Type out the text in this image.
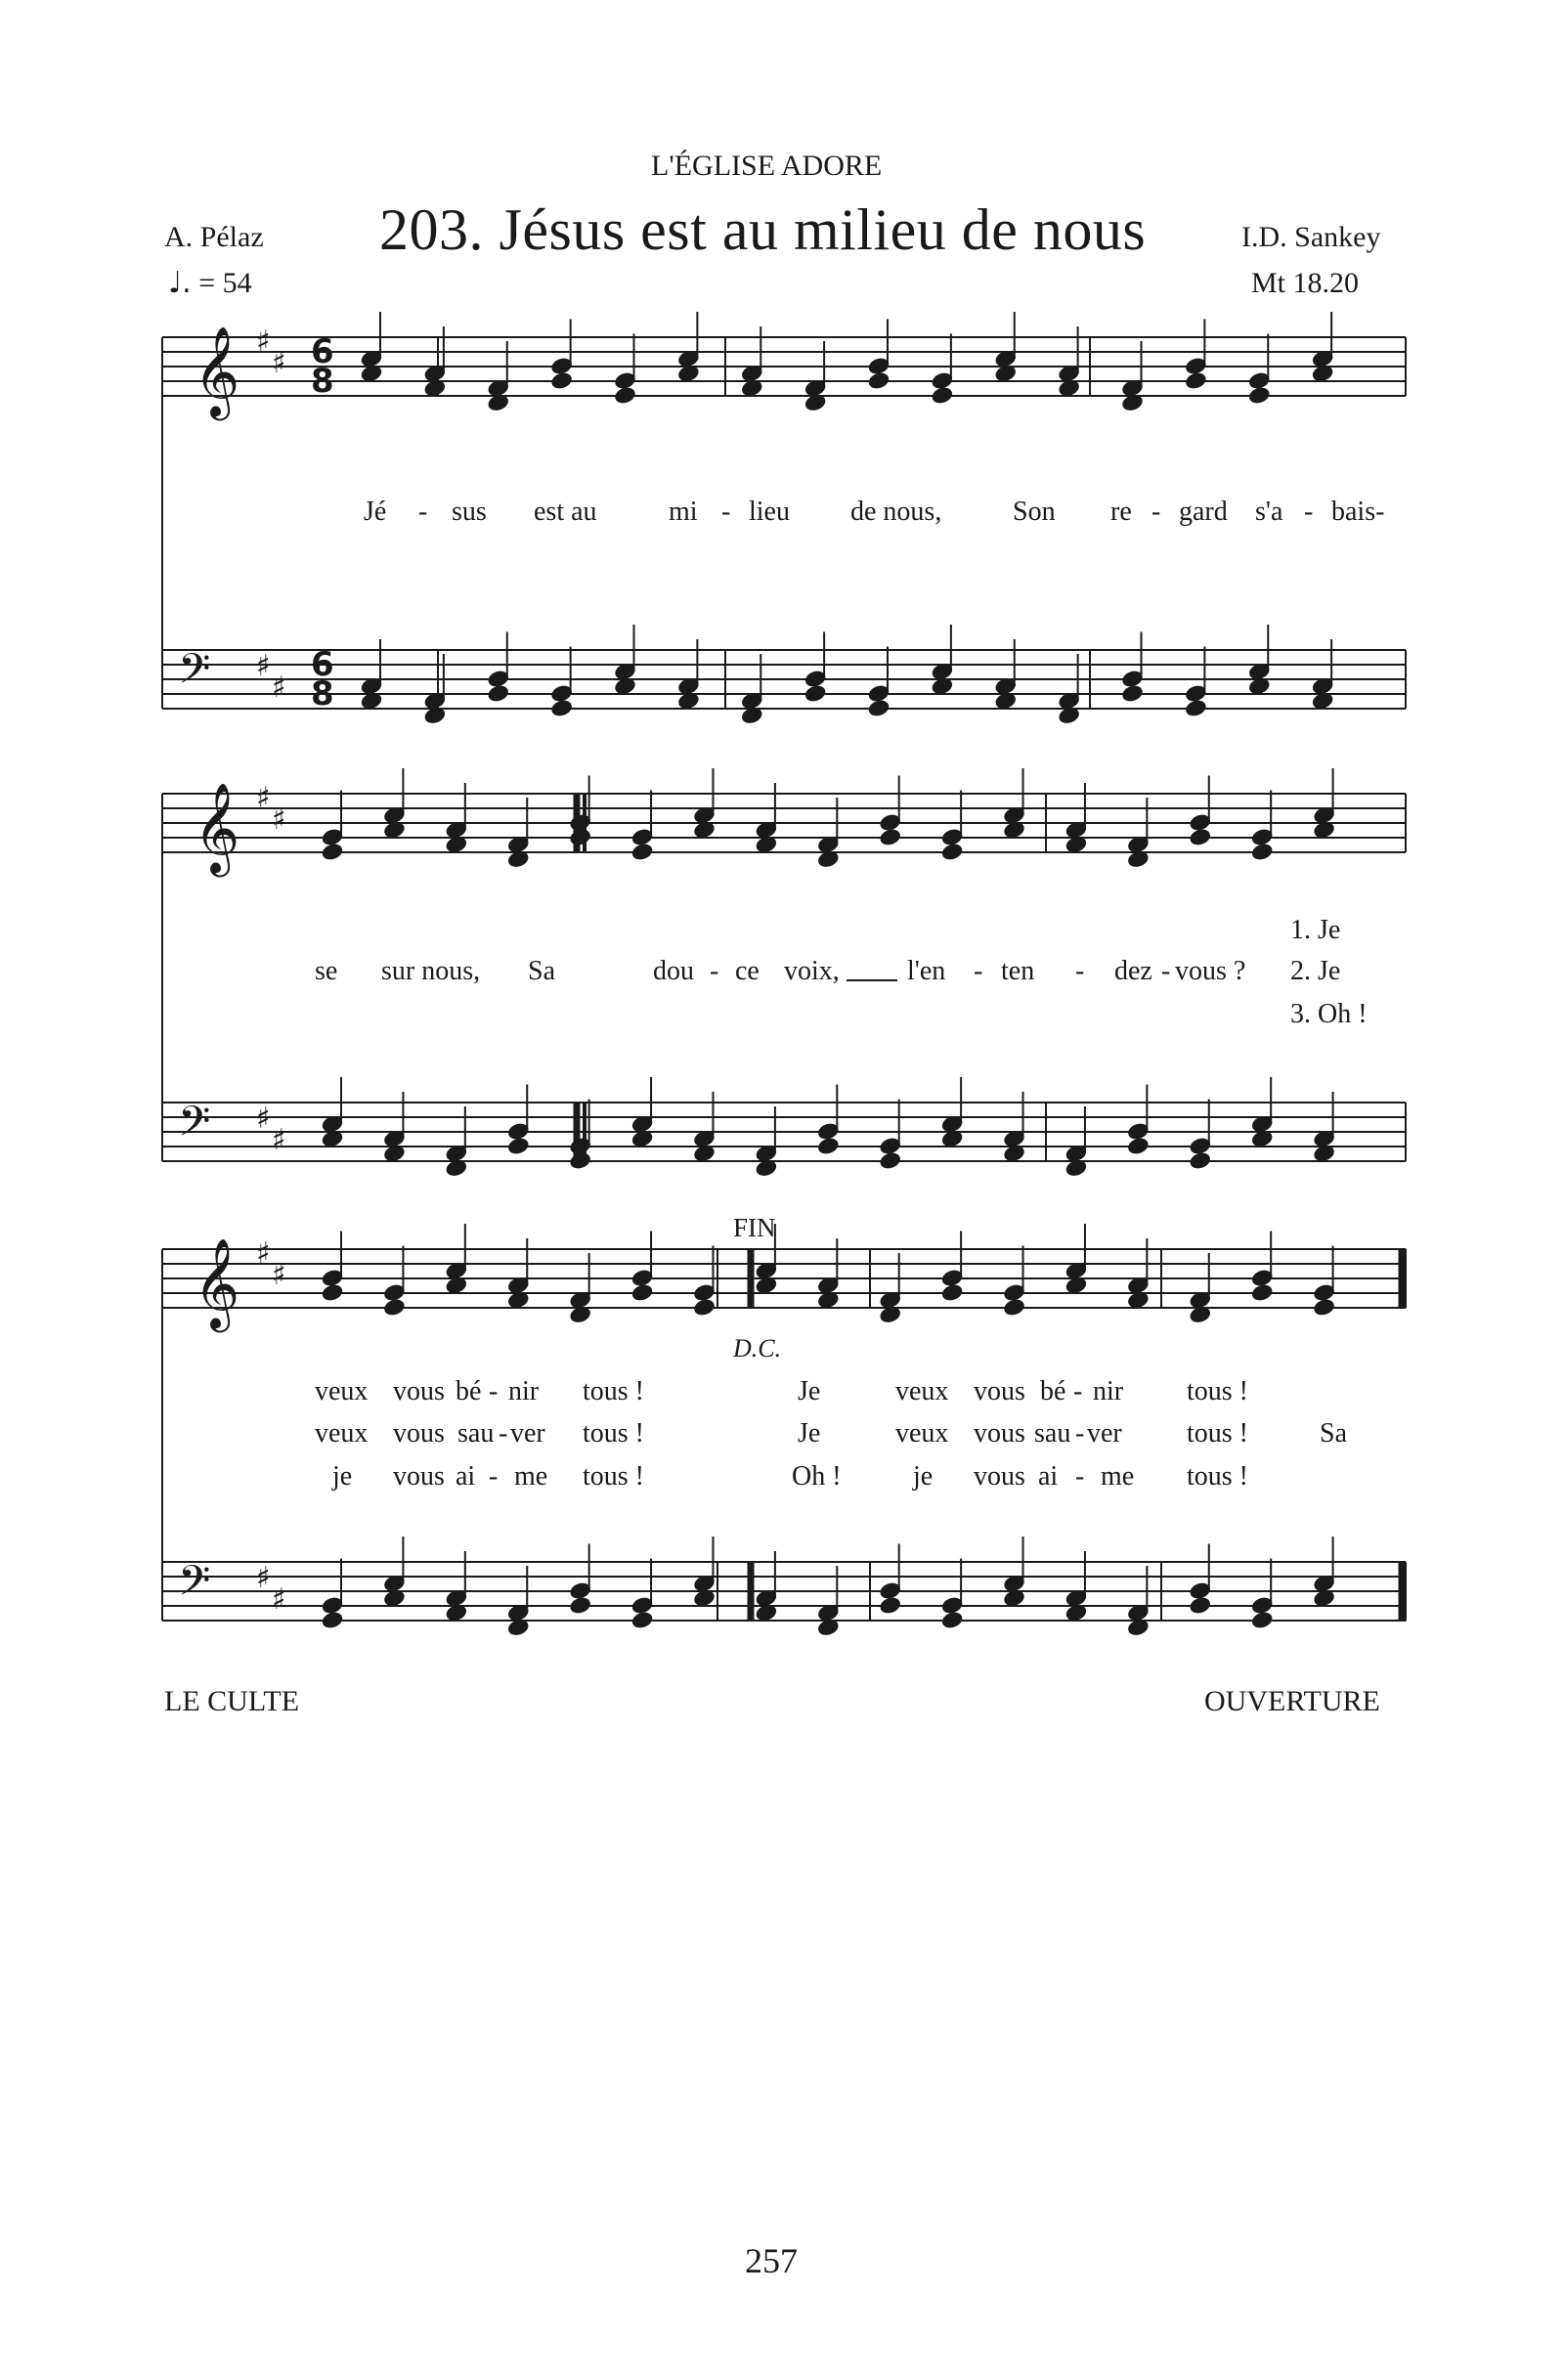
L'ÉGLISE ADORE
A. Pélaz 203. Jésus est au milieu de nous	I.D. Sankey
Mt 18.20
♩. = 54
Jé - sus est au	mi - lieu de nous,	Son re - gard s'a - bais-
se sur nous, Sa	dou - ce voix, l'en - ten - dez - vous ?
1. Je
2. Je
3. Oh !
FIN
D.C.
veux vous bé - nir tous !	Je	veux vous bé - nir tous !
veux vous sau - ver tous !	Je	veux vous sau - ver tous !	Sa
je vous ai - me tous !	Oh !	je vous ai - me tous !
LE CULTE	OUVERTURE
257
𝄞 ♯
♯
𝄢 ♯
♯
6
6
8
8
𝄞 ♯
♯
𝄢 ♯
♯
𝄞 ♯
♯
𝄢 ♯
♯
